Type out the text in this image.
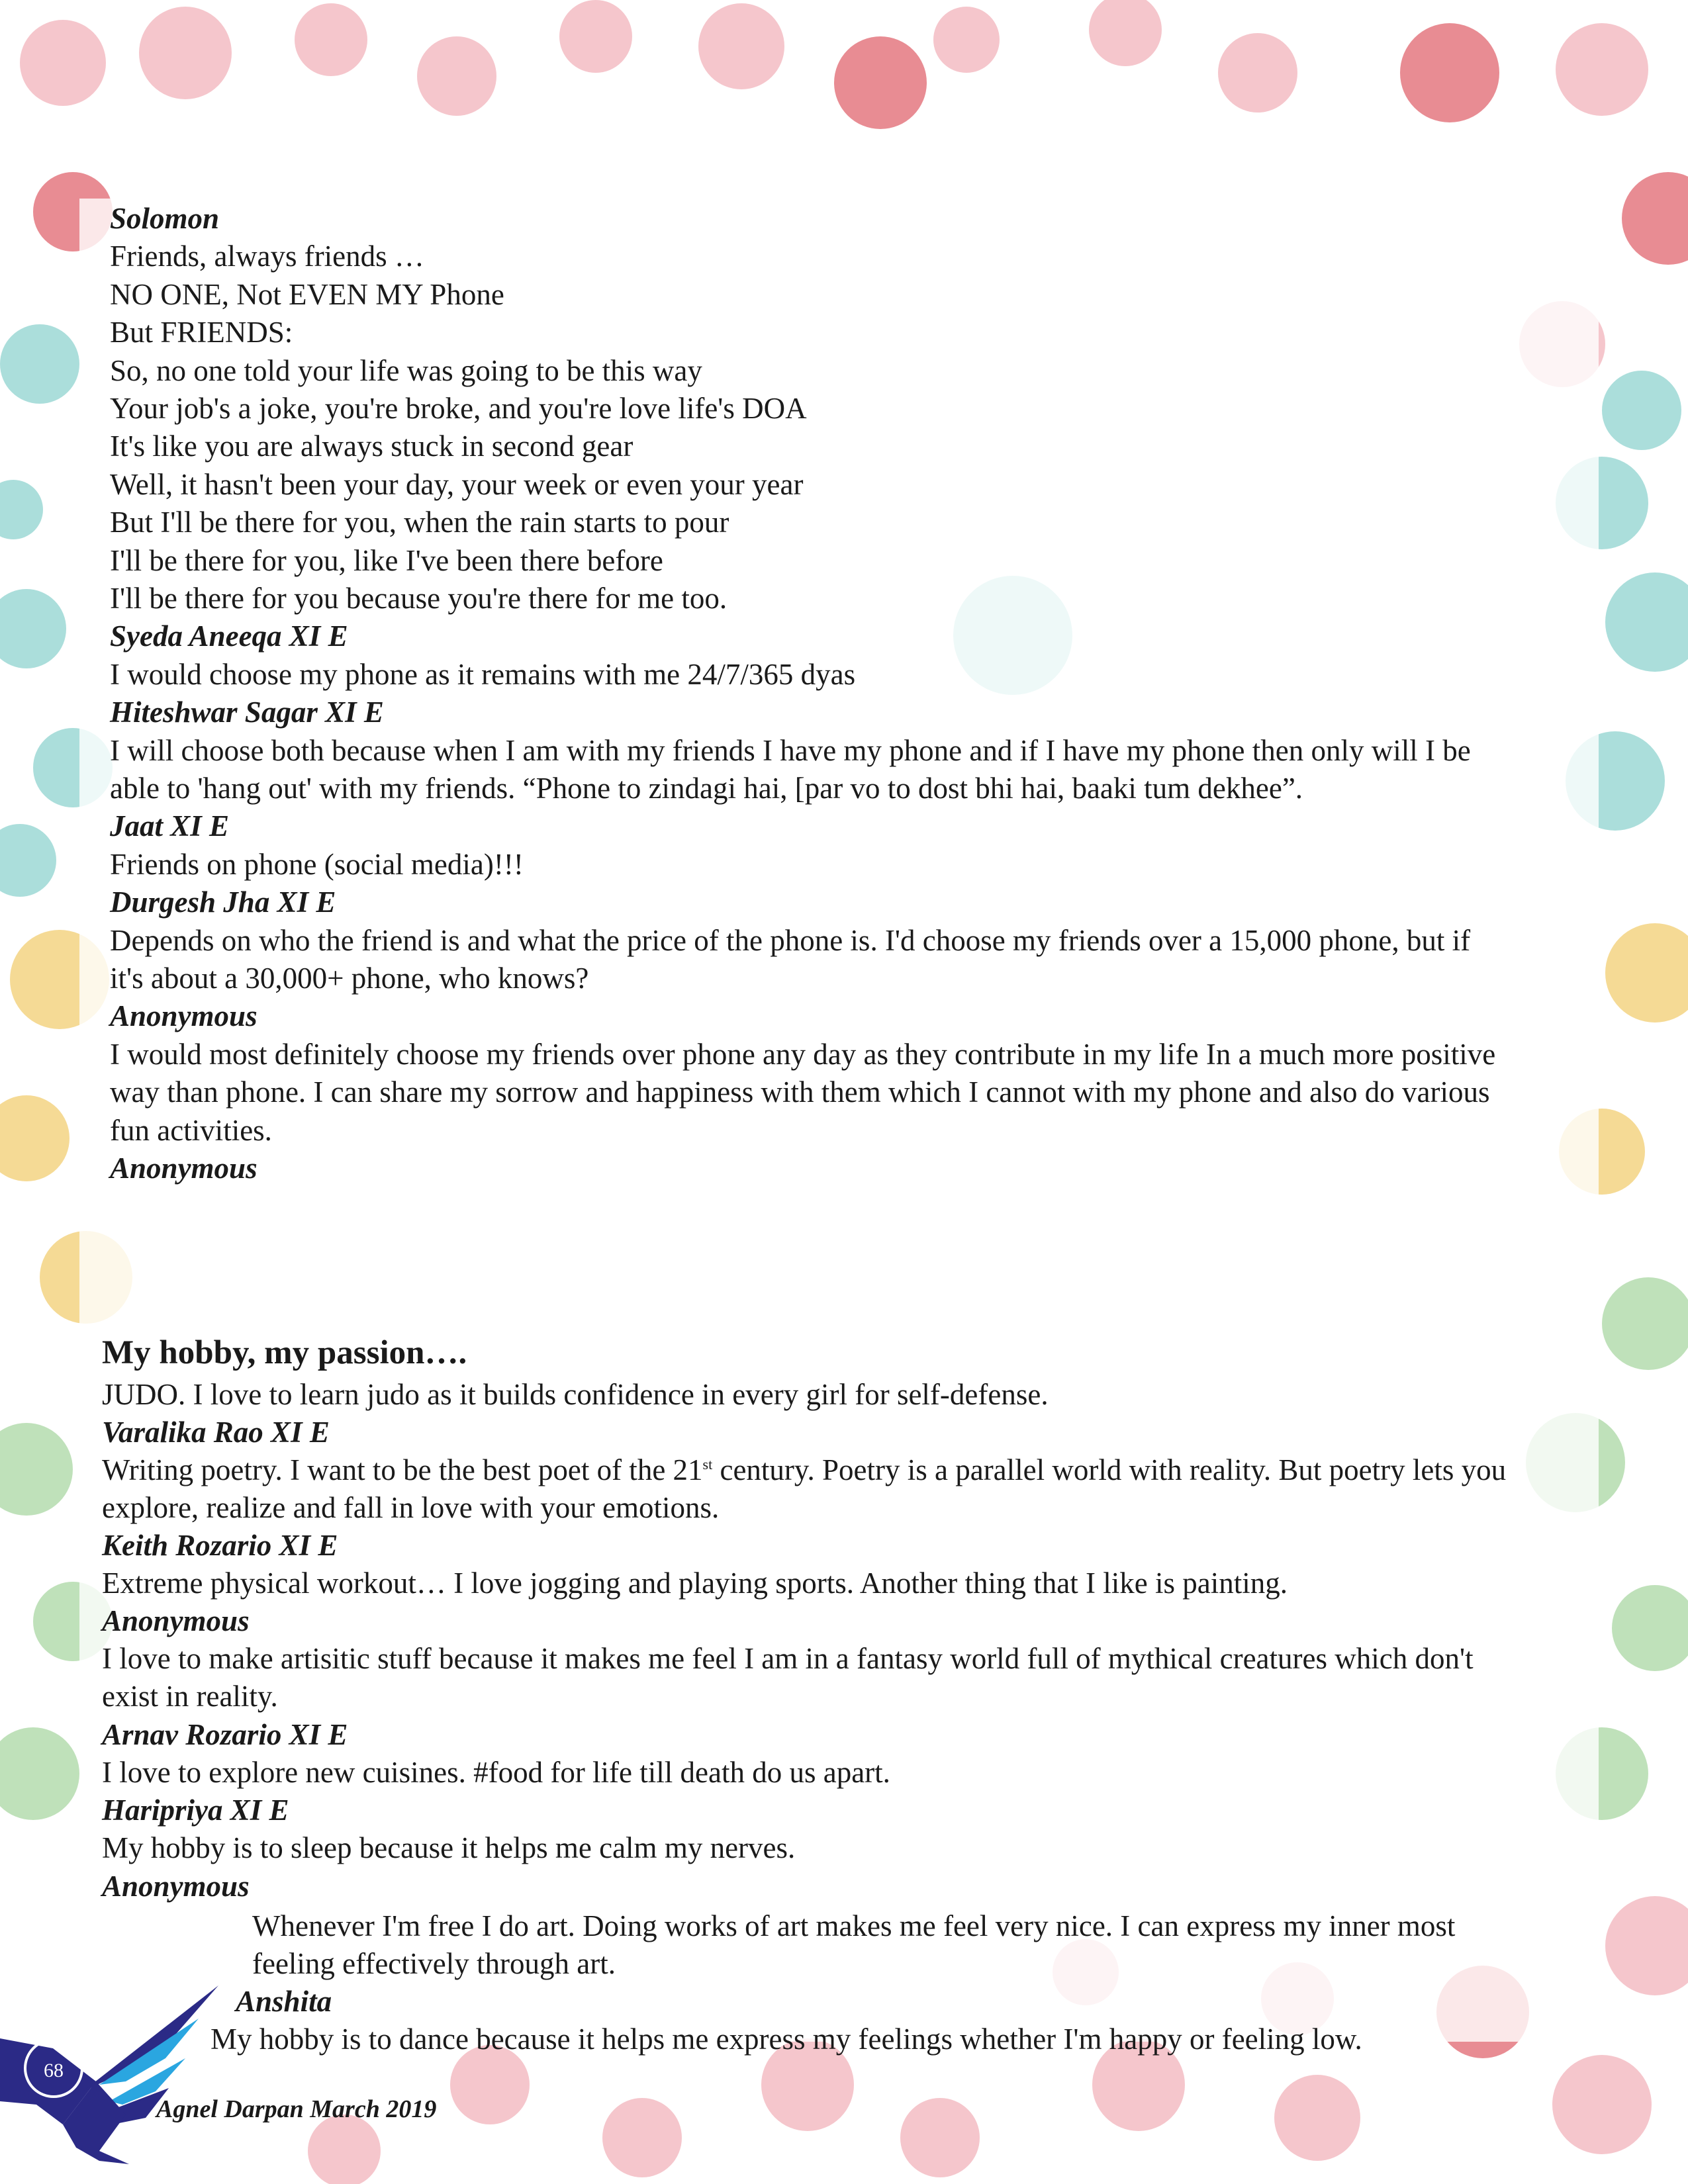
Solomon
Friends, always friends …
NO ONE, Not EVEN MY Phone
But FRIENDS:
So, no one told your life was going to be this way
Your job's a joke, you're broke, and you're love life's DOA
It's like you are always stuck in second gear
Well, it hasn't been your day, your week or even your year
But I'll be there for you, when the rain starts to pour
I'll be there for you, like I've been there before
I'll be there for you because you're there for me too.
Syeda Aneeqa XI E
I would choose my phone as it remains with me 24/7/365 dyas
Hiteshwar Sagar XI E
I will choose both because when I am with my friends I have my phone and if I have my phone then only will I be
able to 'hang out' with my friends. “Phone to zindagi hai, [par vo to dost bhi hai, baaki tum dekhee”.
Jaat XI E
Friends on phone (social media)!!!
Durgesh Jha XI E
Depends on who the friend is and what the price of the phone is. I'd choose my friends over a 15,000 phone, but if
it's about a 30,000+ phone, who knows?
Anonymous
I would most definitely choose my friends over phone any day as they contribute in my life In a much more positive
way than phone. I can share my sorrow and happiness with them which I cannot with my phone and also do various
fun activities.
Anonymous
My hobby, my passion….
JUDO. I love to learn judo as it builds confidence in every girl for self-defense.
Varalika Rao XI E
explore, realize and fall in love with your emotions.
Keith Rozario XI E
Extreme physical workout… I love jogging and playing sports. Another thing that I like is painting.
Anonymous
I love to make artisitic stuff because it makes me feel I am in a fantasy world full of mythical creatures which don't
exist in reality.
Arnav Rozario XI E
I love to explore new cuisines. #food for life till death do us apart.
Haripriya XI E
My hobby is to sleep because it helps me calm my nerves.
Anonymous
Writing poetry. I want to be the best poet of the 21st century. Poetry is a parallel world with reality. But poetry lets you
Whenever I'm free I do art. Doing works of art makes me feel very nice. I can express my inner most
feeling effectively through art.
Anshita
My hobby is to dance because it helps me express my feelings whether I'm happy or feeling low.
68
Agnel Darpan March 2019
